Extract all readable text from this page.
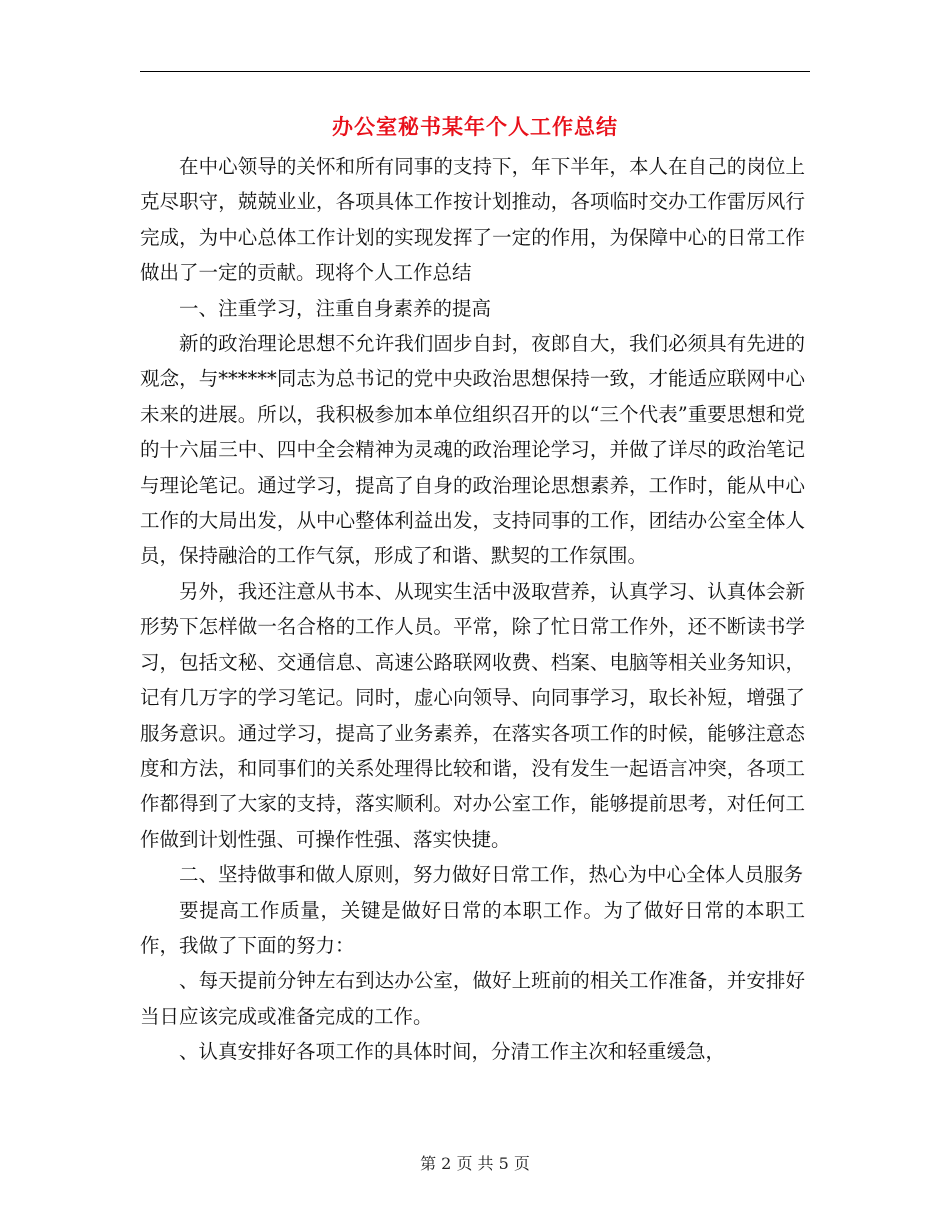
办公室秘书某年个人工作总结

在中心领导的关怀和所有同事的支持下，年下半年，本人在自己的岗位上克尽职守，兢兢业业，各项具体工作按计划推动，各项临时交办工作雷厉风行完成，为中心总体工作计划的实现发挥了一定的作用，为保障中心的日常工作做出了一定的贡献。现将个人工作总结

一、注重学习，注重自身素养的提高

新的政治理论思想不允许我们固步自封，夜郎自大，我们必须具有先进的观念，与******同志为总书记的党中央政治思想保持一致，才能适应联网中心未来的进展。所以，我积极参加本单位组织召开的以“三个代表”重要思想和党的十六届三中、四中全会精神为灵魂的政治理论学习，并做了详尽的政治笔记与理论笔记。通过学习，提高了自身的政治理论思想素养，工作时，能从中心工作的大局出发，从中心整体利益出发，支持同事的工作，团结办公室全体人员，保持融洽的工作气氛，形成了和谐、默契的工作氛围。

另外，我还注意从书本、从现实生活中汲取营养，认真学习、认真体会新形势下怎样做一名合格的工作人员。平常，除了忙日常工作外，还不断读书学习，包括文秘、交通信息、高速公路联网收费、档案、电脑等相关业务知识，记有几万字的学习笔记。同时，虚心向领导、向同事学习，取长补短，增强了服务意识。通过学习，提高了业务素养，在落实各项工作的时候，能够注意态度和方法，和同事们的关系处理得比较和谐，没有发生一起语言冲突，各项工作都得到了大家的支持，落实顺利。对办公室工作，能够提前思考，对任何工作做到计划性强、可操作性强、落实快捷。

二、坚持做事和做人原则，努力做好日常工作，热心为中心全体人员服务

要提高工作质量，关键是做好日常的本职工作。为了做好日常的本职工作，我做了下面的努力：

、每天提前分钟左右到达办公室，做好上班前的相关工作准备，并安排好当日应该完成或准备完成的工作。

、认真安排好各项工作的具体时间，分清工作主次和轻重缓急，

第 2 页 共 5 页
